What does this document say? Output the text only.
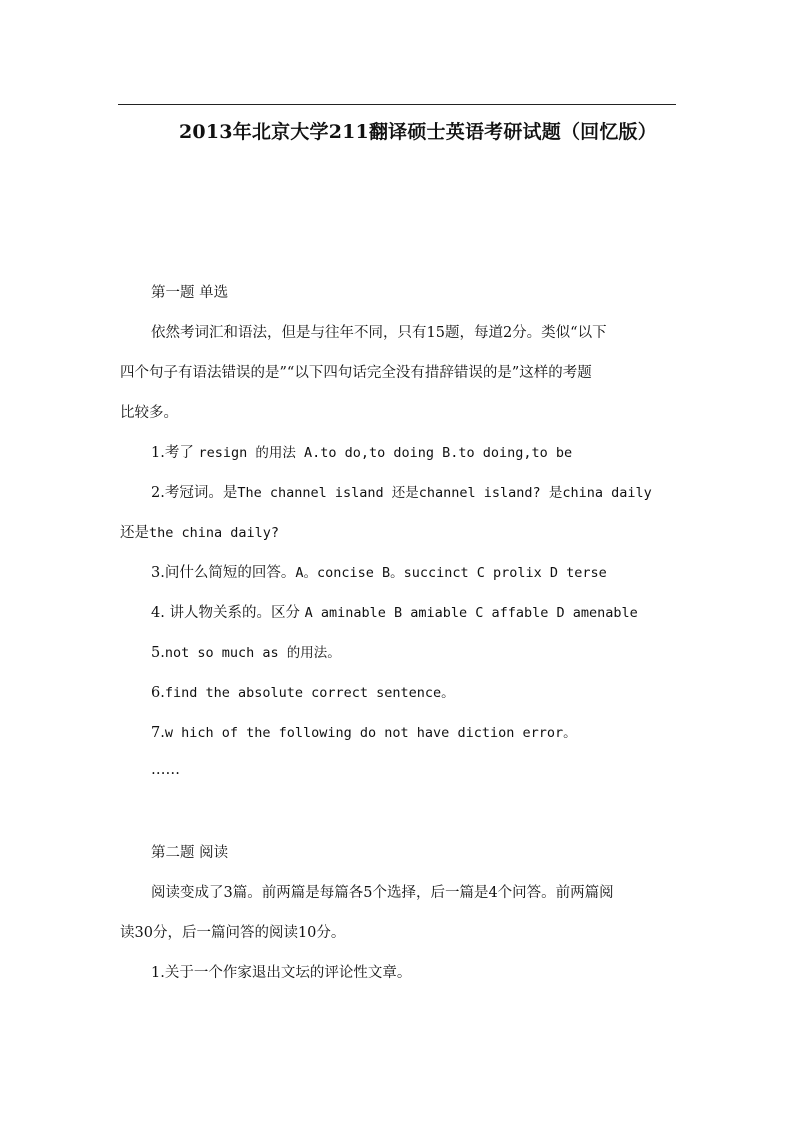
2013年北京大学211翻译硕士英语考研试题（回忆版）
第一题 单选
依然考词汇和语法，但是与往年不同，只有15题，每道2分。类似“以下
四个句子有语法错误的是”“以下四句话完全没有措辞错误的是”这样的考题
比较多。
1.考了 resign 的用法 A.to do,to doing B.to doing,to be
2.考冠词。是The channel island 还是channel island? 是china daily
还是the china daily?
3.问什么简短的回答。A。concise B。succinct C prolix D terse
4. 讲人物关系的。区分 A aminable B amiable C affable D amenable
5.not so much as 的用法。
6.find the absolute correct sentence。
7.w hich of the following do not have diction error。
……
第二题 阅读
阅读变成了3篇。前两篇是每篇各5个选择，后一篇是4个问答。前两篇阅
读30分，后一篇问答的阅读10分。
1.关于一个作家退出文坛的评论性文章。
